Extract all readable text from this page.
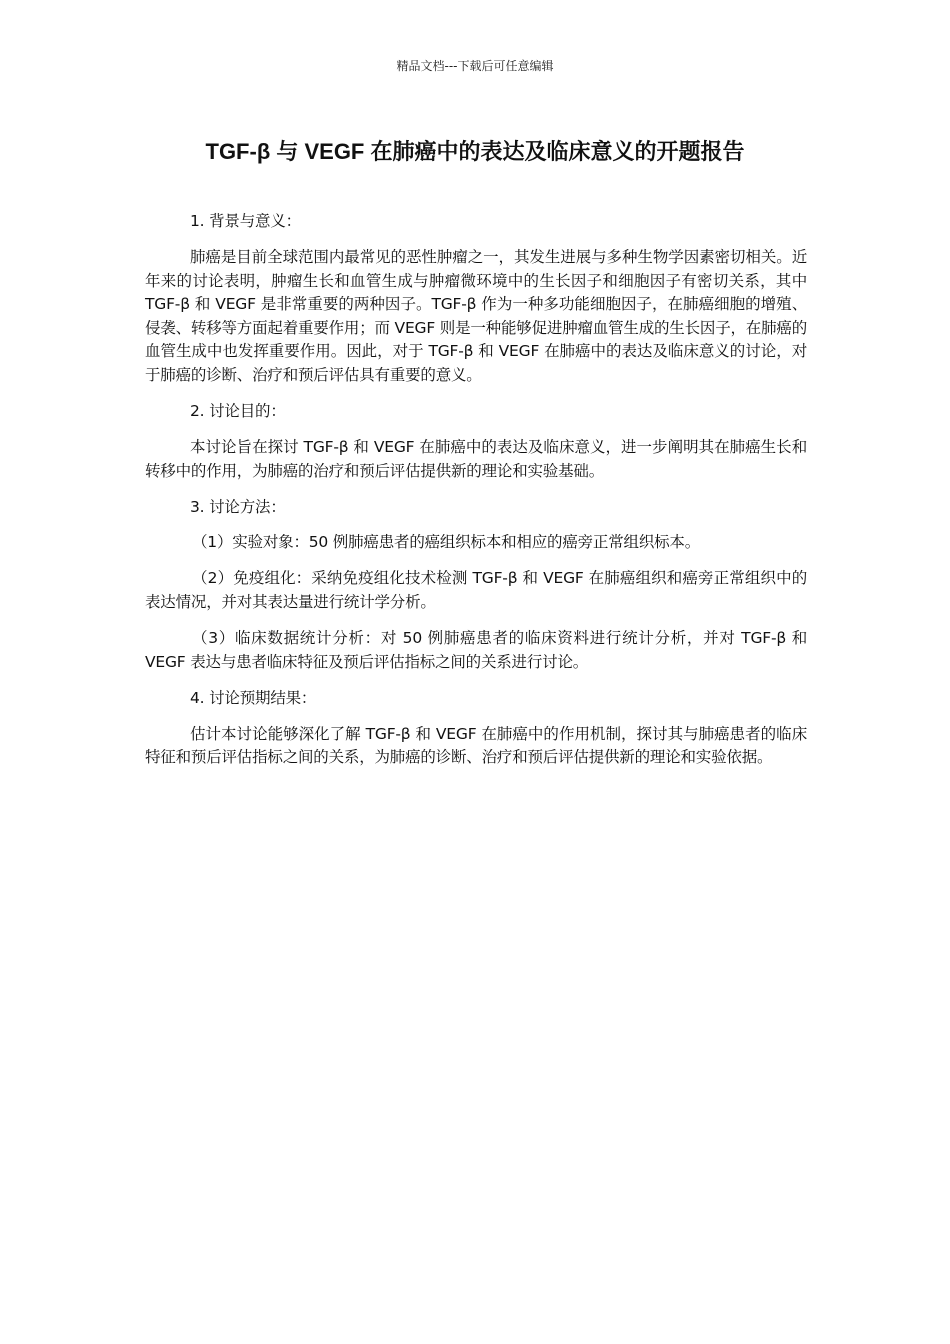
精品文档---下载后可任意编辑
TGF-β 与 VEGF 在肺癌中的表达及临床意义的开题报告

1. 背景与意义：

肺癌是目前全球范围内最常见的恶性肿瘤之一，其发生进展与多种生物学因素密切相关。近年来的讨论表明，肿瘤生长和血管生成与肿瘤微环境中的生长因子和细胞因子有密切关系，其中 TGF-β 和 VEGF 是非常重要的两种因子。TGF-β 作为一种多功能细胞因子，在肺癌细胞的增殖、侵袭、转移等方面起着重要作用；而 VEGF 则是一种能够促进肿瘤血管生成的生长因子，在肺癌的血管生成中也发挥重要作用。因此，对于 TGF-β 和 VEGF 在肺癌中的表达及临床意义的讨论，对于肺癌的诊断、治疗和预后评估具有重要的意义。

2. 讨论目的：

本讨论旨在探讨 TGF-β 和 VEGF 在肺癌中的表达及临床意义，进一步阐明其在肺癌生长和转移中的作用，为肺癌的治疗和预后评估提供新的理论和实验基础。

3. 讨论方法：

（1）实验对象：50 例肺癌患者的癌组织标本和相应的癌旁正常组织标本。

（2）免疫组化：采纳免疫组化技术检测 TGF-β 和 VEGF 在肺癌组织和癌旁正常组织中的表达情况，并对其表达量进行统计学分析。

（3）临床数据统计分析：对 50 例肺癌患者的临床资料进行统计分析，并对 TGF-β 和 VEGF 表达与患者临床特征及预后评估指标之间的关系进行讨论。

4. 讨论预期结果：

估计本讨论能够深化了解 TGF-β 和 VEGF 在肺癌中的作用机制，探讨其与肺癌患者的临床特征和预后评估指标之间的关系，为肺癌的诊断、治疗和预后评估提供新的理论和实验依据。
